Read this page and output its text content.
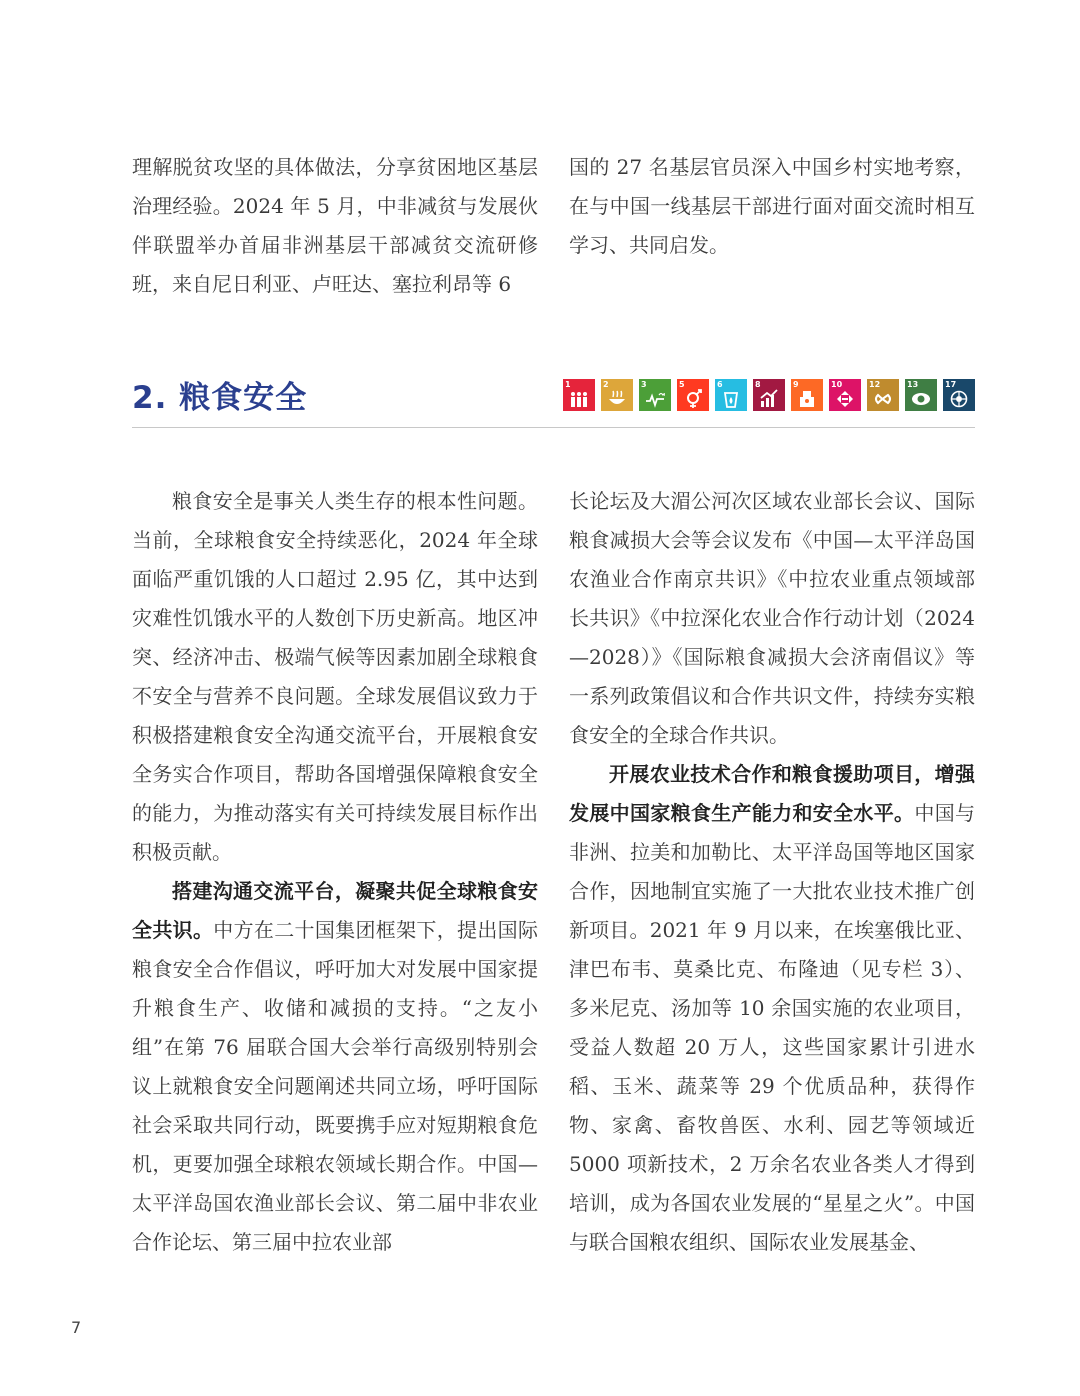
理解脱贫攻坚的具体做法，分享贫困地区基层治理经验。2024 年 5 月，中非减贫与发展伙伴联盟举办首届非洲基层干部减贫交流研修班，来自尼日利亚、卢旺达、塞拉利昂等 6

国的 27 名基层官员深入中国乡村实地考察，在与中国一线基层干部进行面对面交流时相互学习、共同启发。

2. 粮食安全	1	2	3	5	6	8	9	10	12	13	17

粮食安全是事关人类生存的根本性问题。当前，全球粮食安全持续恶化，2024 年全球面临严重饥饿的人口超过 2.95 亿，其中达到灾难性饥饿水平的人数创下历史新高。地区冲突、经济冲击、极端气候等因素加剧全球粮食不安全与营养不良问题。全球发展倡议致力于积极搭建粮食安全沟通交流平台，开展粮食安全务实合作项目，帮助各国增强保障粮食安全的能力，为推动落实有关可持续发展目标作出积极贡献。

搭建沟通交流平台，凝聚共促全球粮食安全共识。中方在二十国集团框架下，提出国际粮食安全合作倡议，呼吁加大对发展中国家提升粮食生产、收储和减损的支持。“之友小组”在第 76 届联合国大会举行高级别特别会议上就粮食安全问题阐述共同立场，呼吁国际社会采取共同行动，既要携手应对短期粮食危机，更要加强全球粮农领域长期合作。中国—太平洋岛国农渔业部长会议、第二届中非农业合作论坛、第三届中拉农业部

长论坛及大湄公河次区域农业部长会议、国际粮食减损大会等会议发布《中国—太平洋岛国农渔业合作南京共识》《中拉农业重点领域部长共识》《中拉深化农业合作行动计划（2024—2028）》《国际粮食减损大会济南倡议》等一系列政策倡议和合作共识文件，持续夯实粮食安全的全球合作共识。

开展农业技术合作和粮食援助项目，增强发展中国家粮食生产能力和安全水平。中国与非洲、拉美和加勒比、太平洋岛国等地区国家合作，因地制宜实施了一大批农业技术推广创新项目。2021 年 9 月以来，在埃塞俄比亚、津巴布韦、莫桑比克、布隆迪（见专栏 3）、多米尼克、汤加等 10 余国实施的农业项目，受益人数超 20 万人，这些国家累计引进水稻、玉米、蔬菜等 29 个优质品种，获得作物、家禽、畜牧兽医、水利、园艺等领域近 5000 项新技术，2 万余名农业各类人才得到培训，成为各国农业发展的“星星之火”。中国与联合国粮农组织、国际农业发展基金、

7
